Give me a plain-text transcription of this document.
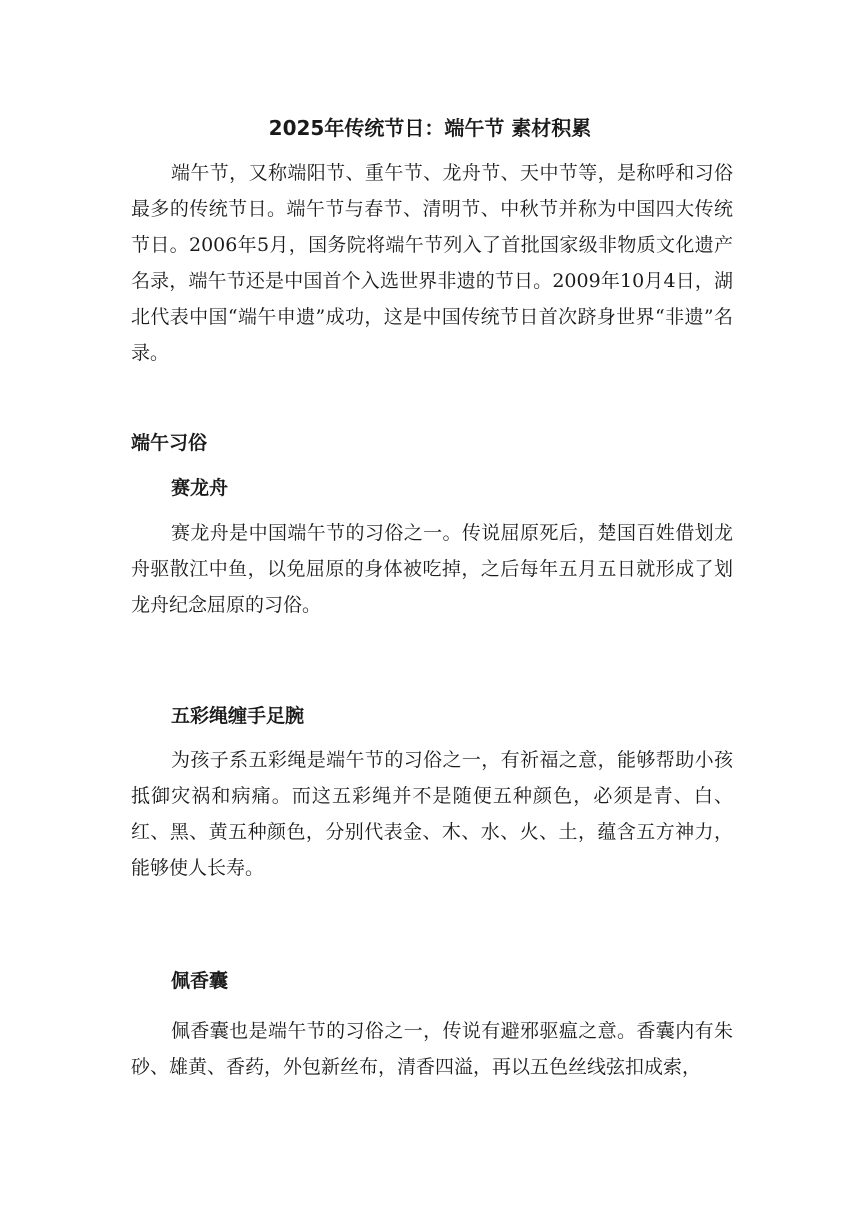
2025年传统节日：端午节 素材积累

端午节，又称端阳节、重午节、龙舟节、天中节等，是称呼和习俗最多的传统节日。端午节与春节、清明节、中秋节并称为中国四大传统节日。2006年5月，国务院将端午节列入了首批国家级非物质文化遗产名录，端午节还是中国首个入选世界非遗的节日。2009年10月4日，湖北代表中国“端午申遗”成功，这是中国传统节日首次跻身世界“非遗”名录。

端午习俗
赛龙舟

赛龙舟是中国端午节的习俗之一。传说屈原死后，楚国百姓借划龙舟驱散江中鱼，以免屈原的身体被吃掉，之后每年五月五日就形成了划龙舟纪念屈原的习俗。

五彩绳缠手足腕

为孩子系五彩绳是端午节的习俗之一，有祈福之意，能够帮助小孩抵御灾祸和病痛。而这五彩绳并不是随便五种颜色，必须是青、白、红、黑、黄五种颜色，分别代表金、木、水、火、土，蕴含五方神力，能够使人长寿。

佩香囊

佩香囊也是端午节的习俗之一，传说有避邪驱瘟之意。香囊内有朱砂、雄黄、香药，外包新丝布，清香四溢，再以五色丝线弦扣成索，
